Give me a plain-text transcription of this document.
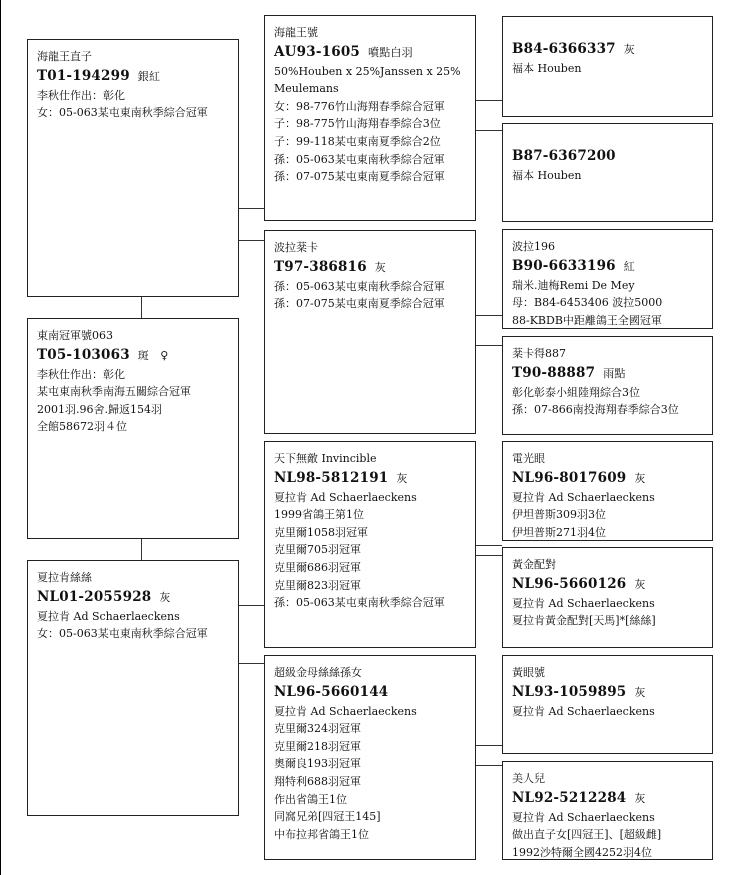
海龍王直子
T01-194299 銀紅
李秋仕作出：彰化
女：05-063某屯東南秋季綜合冠軍
東南冠軍號063
T05-103063 斑　♀
李秋仕作出：彰化
某屯東南秋季南海五關綜合冠軍
2001羽.96舍.歸返154羽
全館58672羽４位
夏拉肯絲絲
NL01-2055928 灰
夏拉肯 Ad Schaerlaeckens
女：05-063某屯東南秋季綜合冠軍
海龍王號
AU93-1605 噴點白羽
50%Houben x 25%Janssen x 25% Meulemans
女：98-776竹山海翔春季綜合冠軍
子：98-775竹山海翔春季綜合3位
子：99-118某屯東南夏季綜合2位
孫：05-063某屯東南秋季綜合冠軍
孫：07-075某屯東南夏季綜合冠軍
波拉棻卡
T97-386816 灰
孫：05-063某屯東南秋季綜合冠軍
孫：07-075某屯東南夏季綜合冠軍
天下無敵 Invincible
NL98-5812191 灰
夏拉肯 Ad Schaerlaeckens
1999省鴿王第1位
克里爾1058羽冠軍
克里爾705羽冠軍
克里爾686羽冠軍
克里爾823羽冠軍
孫：05-063某屯東南秋季綜合冠軍
超級金母絲絲孫女
NL96-5660144
夏拉肯 Ad Schaerlaeckens
克里爾324羽冠軍
克里爾218羽冠軍
奧爾良193羽冠軍
翔特利688羽冠軍
作出省鴿王1位
同窩兄弟[四冠王145]
中布拉邦省鴿王1位
B84-6366337 灰
福本 Houben
B87-6367200
福本 Houben
波拉196
B90-6633196 紅
瑞米.迪梅Remi De Mey
母：B84-6453406 波拉5000
88-KBDB中距離鴿王全國冠軍
棻卡得887
T90-88887 雨點
彰化彰泰小組陸翔綜合3位
孫：07-866南投海翔春季綜合3位
電光眼
NL96-8017609 灰
夏拉肯 Ad Schaerlaeckens
伊坦普斯309羽3位
伊坦普斯271羽4位
黃金配對
NL96-5660126 灰
夏拉肯 Ad Schaerlaeckens
夏拉肯黃金配對[天馬]*[絲絲]
黃眼號
NL93-1059895 灰
夏拉肯 Ad Schaerlaeckens
美人兒
NL92-5212284 灰
夏拉肯 Ad Schaerlaeckens
做出直子女[四冠王]、[超級雌]
1992沙特爾全國4252羽4位
